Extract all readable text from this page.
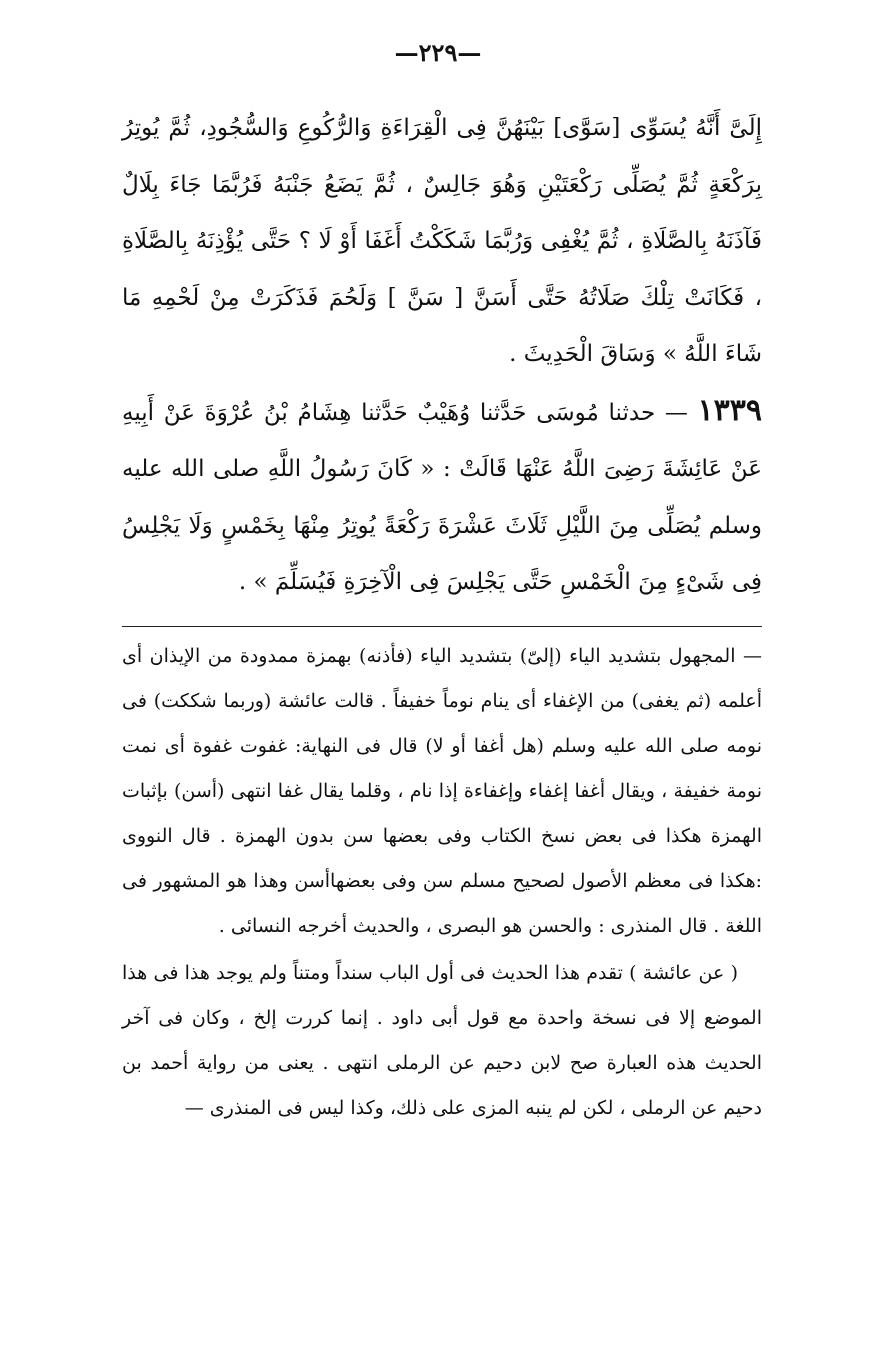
—٢٢٩—

إِلَىَّ أَنَّهُ يُسَوِّى [سَوَّى] بَيْنَهُنَّ فِى الْقِرَاءَةِ وَالرُّكُوعِ وَالسُّجُودِ، ثُمَّ يُوتِرُ بِرَكْعَةٍ ثُمَّ يُصَلِّى رَكْعَتَيْنِ وَهُوَ جَالِسٌ ، ثُمَّ يَضَعُ جَنْبَهُ فَرُبَّمَا جَاءَ بِلَالٌ فَآذَنَهُ بِالصَّلَاةِ ، ثُمَّ يُغْفِى وَرُبَّمَا شَكَكْتُ أَغَفَا أَوْ لَا ؟ حَتَّى يُؤْذِنَهُ بِالصَّلَاةِ ، فَكَانَتْ تِلْكَ صَلَاتُهُ حَتَّى أَسَنَّ [ سَنَّ ] وَلَحُمَ فَذَكَرَتْ مِنْ لَحْمِهِ مَا شَاءَ اللَّهُ » وَسَاقَ الْحَدِيثَ .

١٣٣٩ — حدثنا مُوسَى حَدَّثنا وُهَيْبٌ حَدَّثنا هِشَامُ بْنُ عُرْوَةَ عَنْ أَبِيهِ عَنْ عَائِشَةَ رَضِىَ اللَّهُ عَنْهَا قَالَتْ : « كَانَ رَسُولُ اللَّهِ صلى الله عليه وسلم يُصَلِّى مِنَ اللَّيْلِ ثَلَاثَ عَشْرَةَ رَكْعَةً يُوتِرُ مِنْهَا بِخَمْسٍ وَلَا يَجْلِسُ فِى شَىْءٍ مِنَ الْخَمْسِ حَتَّى يَجْلِسَ فِى الْآخِرَةِ فَيُسَلِّمَ » .

— المجهول بتشديد الياء (إلىّ) بتشديد الياء (فأذنه) بهمزة ممدودة من الإيذان أى أعلمه (ثم يغفى) من الإغفاء أى ينام نوماً خفيفاً . قالت عائشة (وربما شككت) فى نومه صلى الله عليه وسلم (هل أغفا أو لا) قال فى النهاية: غفوت غفوة أى نمت نومة خفيفة ، ويقال أغفا إغفاء وإغفاءة إذا نام ، وقلما يقال غفا انتهى (أسن) بإثبات الهمزة هكذا فى بعض نسخ الكتاب وفى بعضها سن بدون الهمزة . قال النووى :هكذا فى معظم الأصول لصحيح مسلم سن وفى بعضهاأسن وهذا هو المشهور فى اللغة . قال المنذرى : والحسن هو البصرى ، والحديث أخرجه النسائى .

( عن عائشة ) تقدم هذا الحديث فى أول الباب سنداً ومتناً ولم يوجد هذا فى هذا الموضع إلا فى نسخة واحدة مع قول أبى داود . إنما كررت إلخ ، وكان فى آخر الحديث هذه العبارة صح لابن دحيم عن الرملى انتهى . يعنى من رواية أحمد بن دحيم عن الرملى ، لكن لم ينبه المزى على ذلك، وكذا ليس فى المنذرى —
